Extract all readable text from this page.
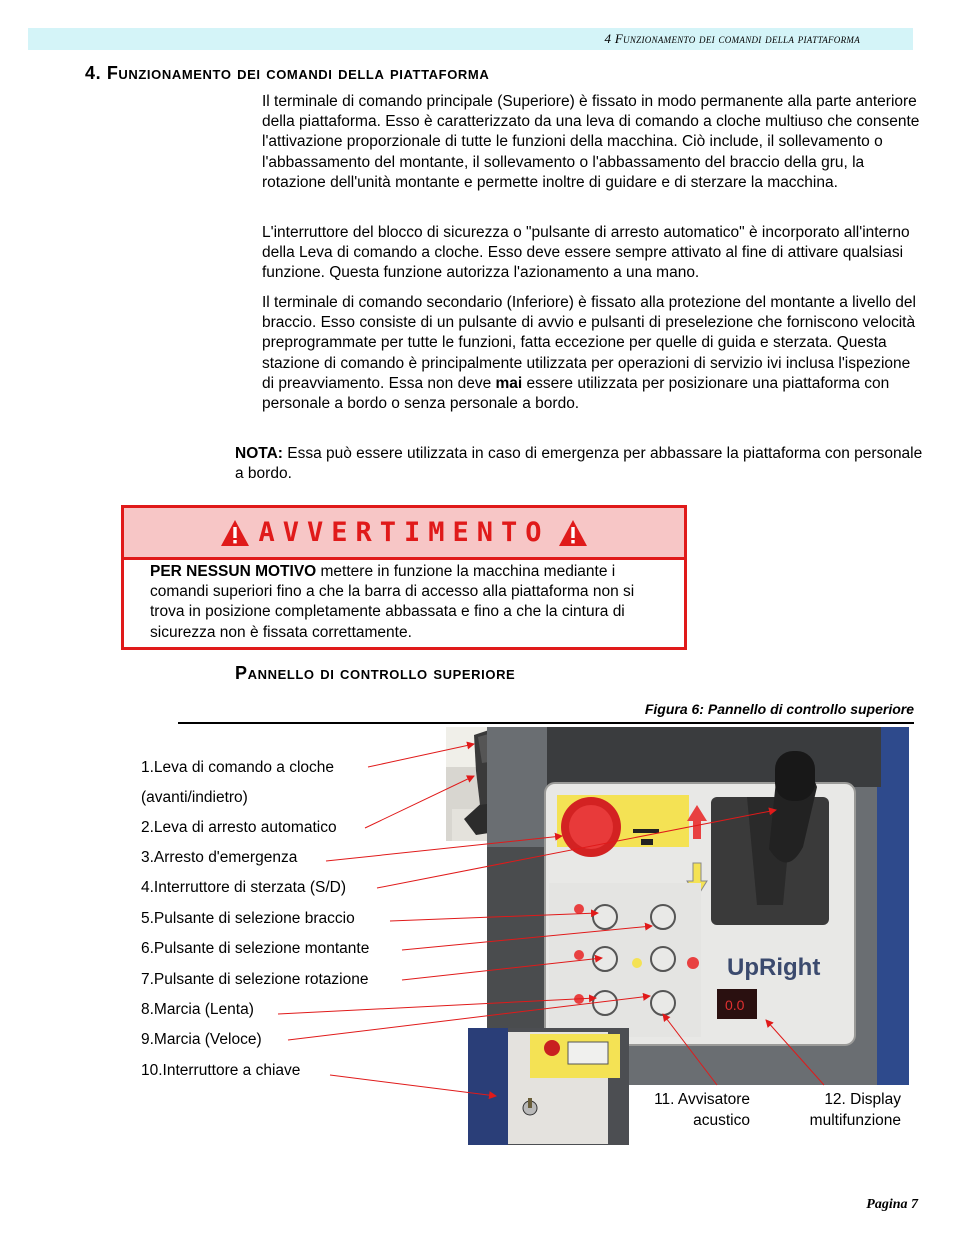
4 Funzionamento dei comandi della piattaforma
4. Funzionamento dei comandi della piattaforma

Il terminale di comando principale (Superiore) è fissato in modo permanente alla parte anteriore della piattaforma. Esso è caratterizzato da una leva di comando a cloche multiuso che consente l'attivazione proporzionale di tutte le funzioni della macchina. Ciò include, il sollevamento o l'abbassamento del montante, il sollevamento o l'abbassamento del braccio della gru, la rotazione dell'unità montante e permette inoltre di guidare e di sterzare la macchina.

L'interruttore del blocco di sicurezza o "pulsante di arresto automatico" è incorporato all'interno della Leva di comando a cloche. Esso deve essere sempre attivato al fine di attivare qualsiasi funzione. Questa funzione autorizza l'azionamento a una mano.

Il terminale di comando secondario (Inferiore) è fissato alla protezione del montante a livello del braccio. Esso consiste di un pulsante di avvio e pulsanti di preselezione che forniscono velocità preprogrammate per tutte le funzioni, fatta eccezione per quelle di guida e sterzata. Questa stazione di comando è principalmente utilizzata per operazioni di servizio ivi inclusa l'ispezione di preavviamento. Essa non deve mai essere utilizzata per posizionare una piattaforma con personale a bordo o senza personale a bordo.

NOTA: Essa può essere utilizzata in caso di emergenza per abbassare la piattaforma con personale a bordo.

AVVERTIMENTO

PER NESSUN MOTIVO mettere in funzione la macchina mediante i comandi superiori fino a che la barra di accesso alla piattaforma non si trova in posizione completamente abbassata e fino a che la cintura di sicurezza non è fissata correttamente.

Pannello di controllo superiore
Figura 6: Pannello di controllo superiore
1.Leva di comando a cloche
(avanti/indietro)
2.Leva di arresto automatico
3.Arresto d'emergenza
4.Interruttore di sterzata (S/D)
5.Pulsante di selezione braccio
6.Pulsante di selezione montante
7.Pulsante di selezione rotazione
8.Marcia (Lenta)
9.Marcia (Veloce)
10.Interruttore a chiave
UpRight
0.0
11. Avvisatore
acustico
12. Display
multifunzione
Pagina 7
